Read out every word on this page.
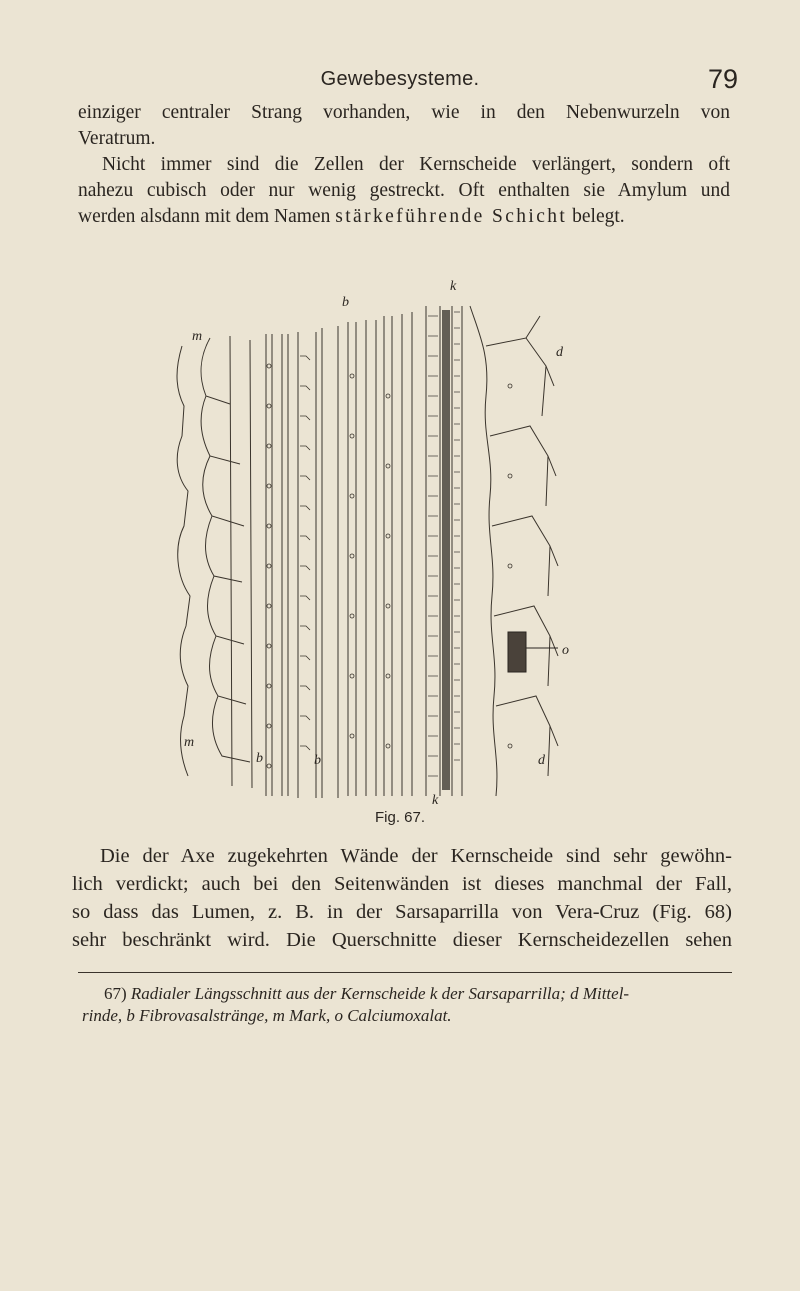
Gewebesysteme.	79
einziger centraler Strang vorhanden, wie in den Nebenwurzeln von
Veratrum.
Nicht immer sind die Zellen der Kernscheide verlängert, sondern oft
nahezu cubisch oder nur wenig gestreckt. Oft enthalten sie Amylum und
werden alsdann mit dem Namen stärkeführende Schicht belegt.
k
b
m
d
o
m
b	b	d
k
Fig. 67.
Die der Axe zugekehrten Wände der Kernscheide sind sehr gewöhn-
lich verdickt; auch bei den Seitenwänden ist dieses manchmal der Fall,
so dass das Lumen, z. B. in der Sarsaparrilla von Vera-Cruz (Fig. 68)
sehr beschränkt wird. Die Querschnitte dieser Kernscheidezellen sehen
67) Radialer Längsschnitt aus der Kernscheide k der Sarsaparrilla; d Mittel-
rinde, b Fibrovasalstränge, m Mark, o Calciumoxalat.
